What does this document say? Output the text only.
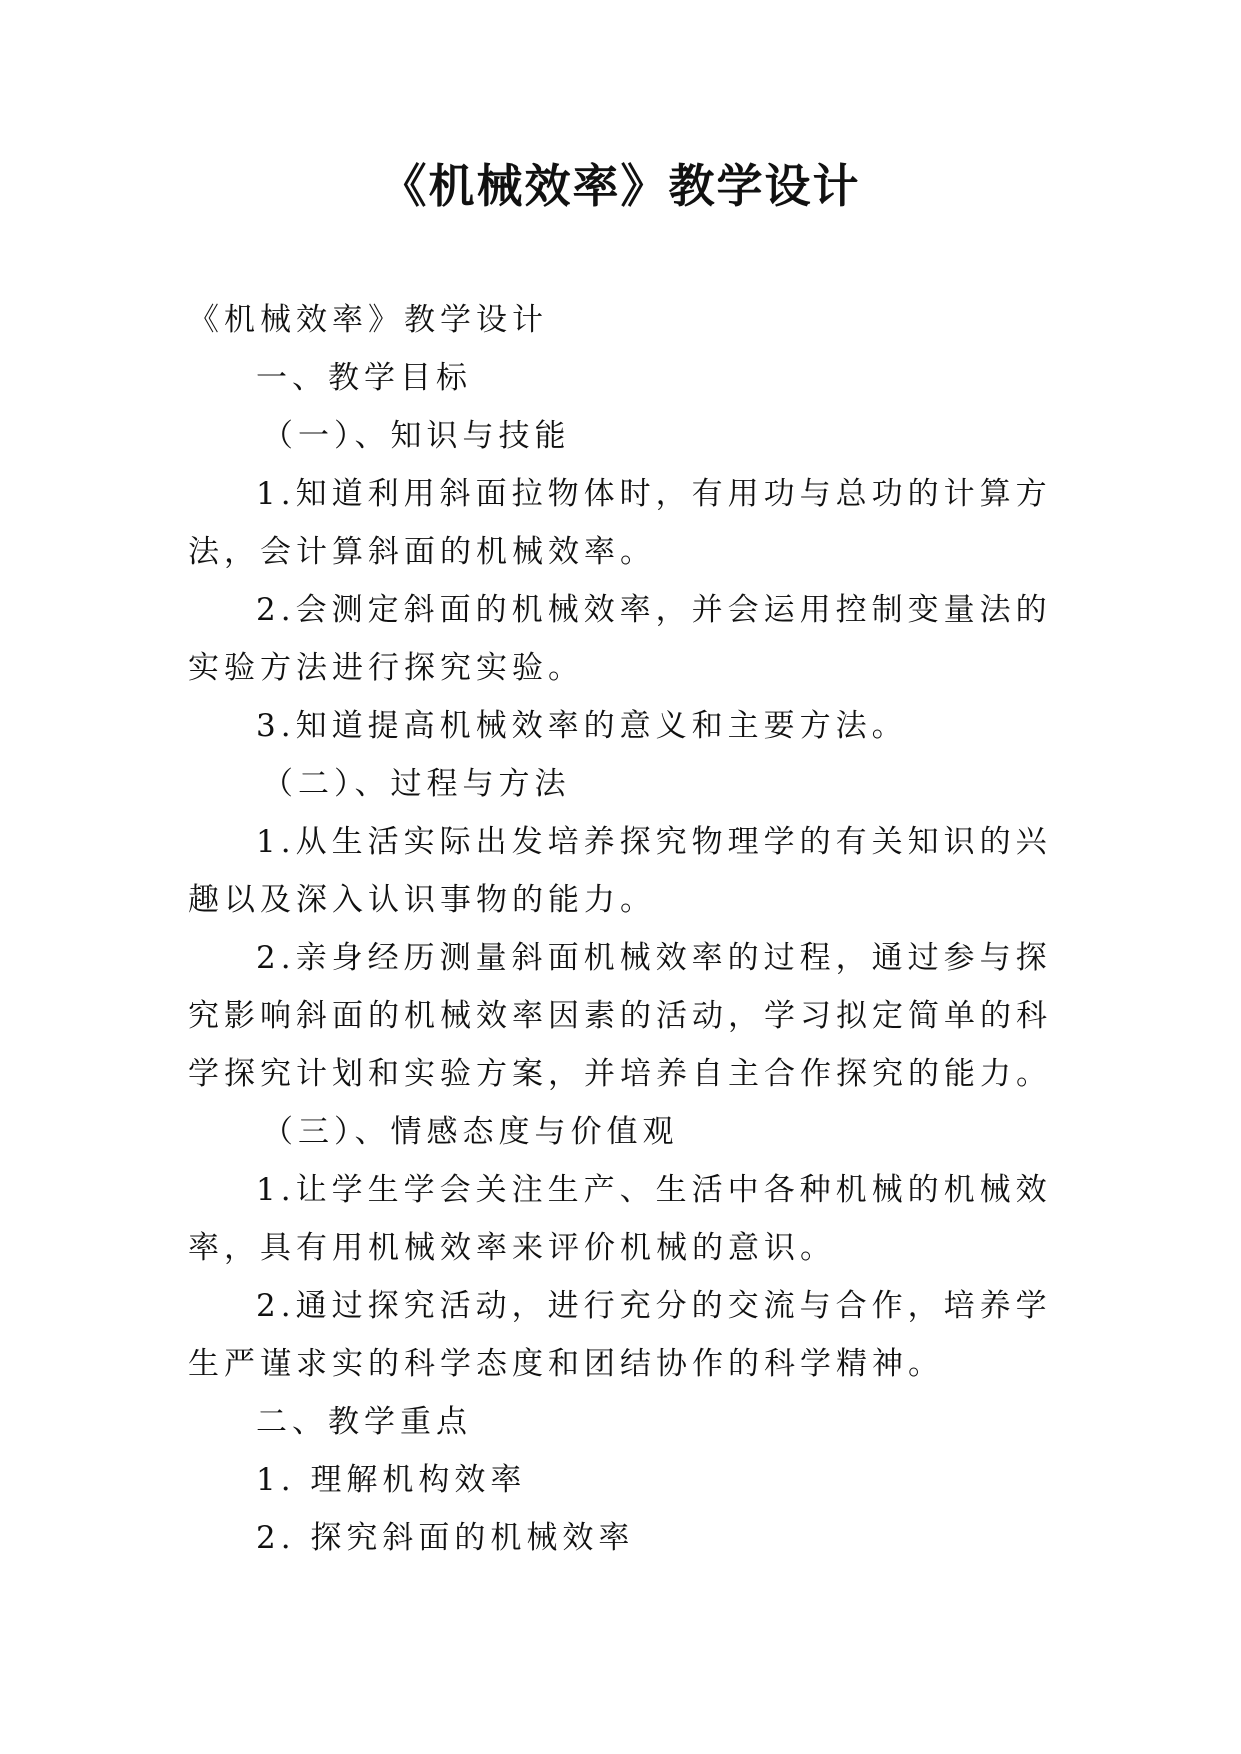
《机械效率》教学设计

《机械效率》教学设计

一、教学目标

（一）、知识与技能

1.知道利用斜面拉物体时，有用功与总功的计算方法，会计算斜面的机械效率。

2.会测定斜面的机械效率，并会运用控制变量法的实验方法进行探究实验。

3.知道提高机械效率的意义和主要方法。

（二）、过程与方法

1.从生活实际出发培养探究物理学的有关知识的兴趣以及深入认识事物的能力。

2.亲身经历测量斜面机械效率的过程，通过参与探究影响斜面的机械效率因素的活动，学习拟定简单的科学探究计划和实验方案，并培养自主合作探究的能力。

（三）、情感态度与价值观

1.让学生学会关注生产、生活中各种机械的机械效率，具有用机械效率来评价机械的意识。

2.通过探究活动，进行充分的交流与合作，培养学生严谨求实的科学态度和团结协作的科学精神。

二、教学重点

1. 理解机构效率

2. 探究斜面的机械效率
